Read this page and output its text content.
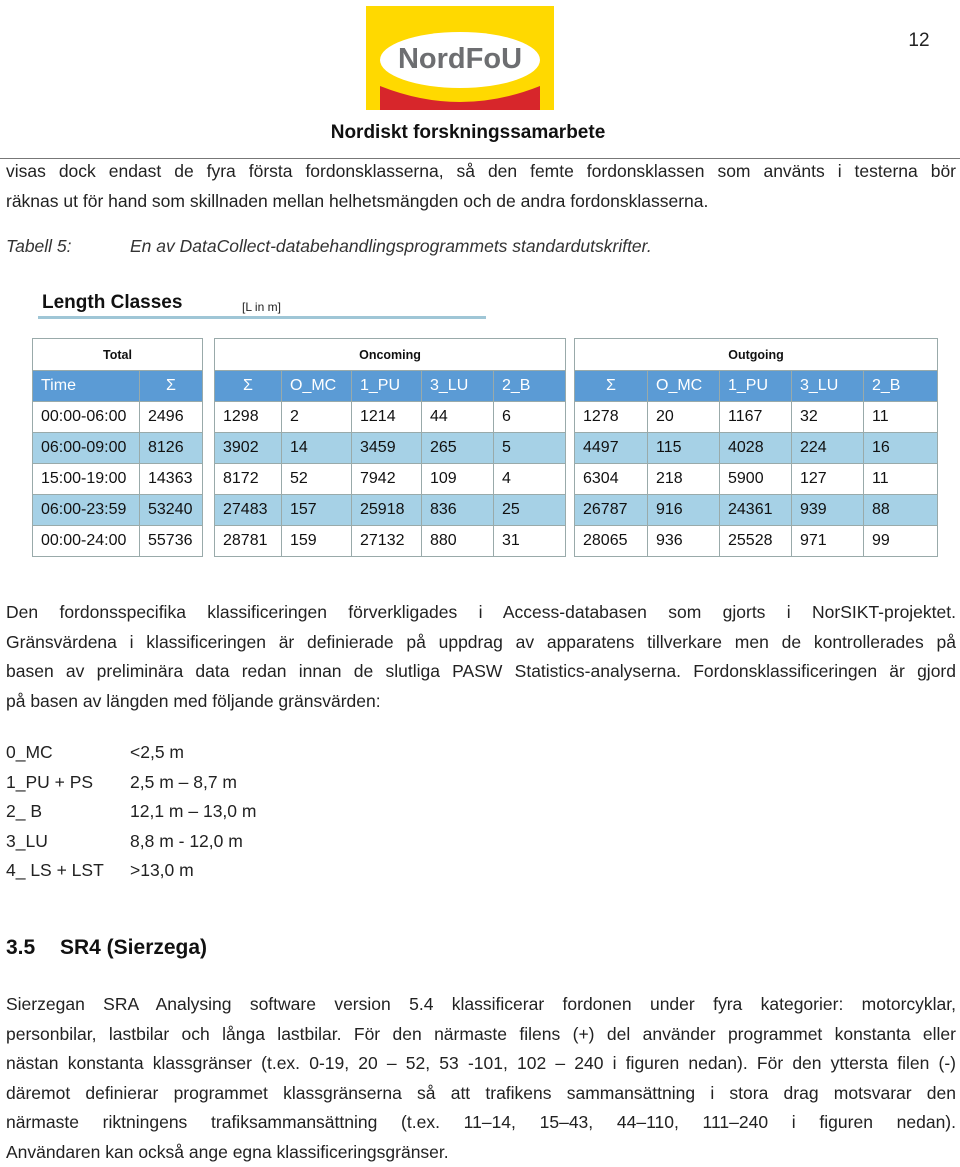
12
NordFoU
Nordiskt forskningssamarbete
visas dock endast de fyra första fordonsklasserna, så den femte fordonsklassen som använts i testerna bör
räknas ut för hand som skillnaden mellan helhetsmängden och de andra fordonsklasserna.
Tabell 5:	En av DataCollect-databehandlingsprogrammets standardutskrifter.
Length Classes	[L in m]
Total	
Time	Σ
00:00-06:00	2496
06:00-09:00	8126
15:00-19:00	14363
06:00-23:59	53240
00:00-24:00	55736
Oncoming				
Σ	O_MC	1_PU	3_LU	2_B
1298	2	1214	44	6
3902	14	3459	265	5
8172	52	7942	109	4
27483	157	25918	836	25
28781	159	27132	880	31
Outgoing				
Σ	O_MC	1_PU	3_LU	2_B
1278	20	1167	32	11
4497	115	4028	224	16
6304	218	5900	127	11
26787	916	24361	939	88
28065	936	25528	971	99
Den fordonsspecifika klassificeringen förverkligades i Access-databasen som gjorts i NorSIKT-projektet.
Gränsvärdena i klassificeringen är definierade på uppdrag av apparatens tillverkare men de kontrollerades på
basen av preliminära data redan innan de slutliga PASW Statistics-analyserna. Fordonsklassificeringen är gjord
på basen av längden med följande gränsvärden:
0_MC	<2,5 m
1_PU + PS	2,5 m – 8,7 m
2_ B	12,1 m – 13,0 m
3_LU	8,8 m - 12,0 m
4_ LS + LST	>13,0 m
3.5 SR4 (Sierzega)
Sierzegan SRA Analysing software version 5.4 klassificerar fordonen under fyra kategorier: motorcyklar,
personbilar, lastbilar och långa lastbilar. För den närmaste filens (+) del använder programmet konstanta eller
nästan konstanta klassgränser (t.ex. 0-19, 20 – 52, 53 -101, 102 – 240 i figuren nedan). För den yttersta filen (-)
däremot definierar programmet klassgränserna så att trafikens sammansättning i stora drag motsvarar den
närmaste riktningens trafiksammansättning (t.ex. 11–14, 15–43, 44–110, 111–240 i figuren nedan).
Användaren kan också ange egna klassificeringsgränser.
